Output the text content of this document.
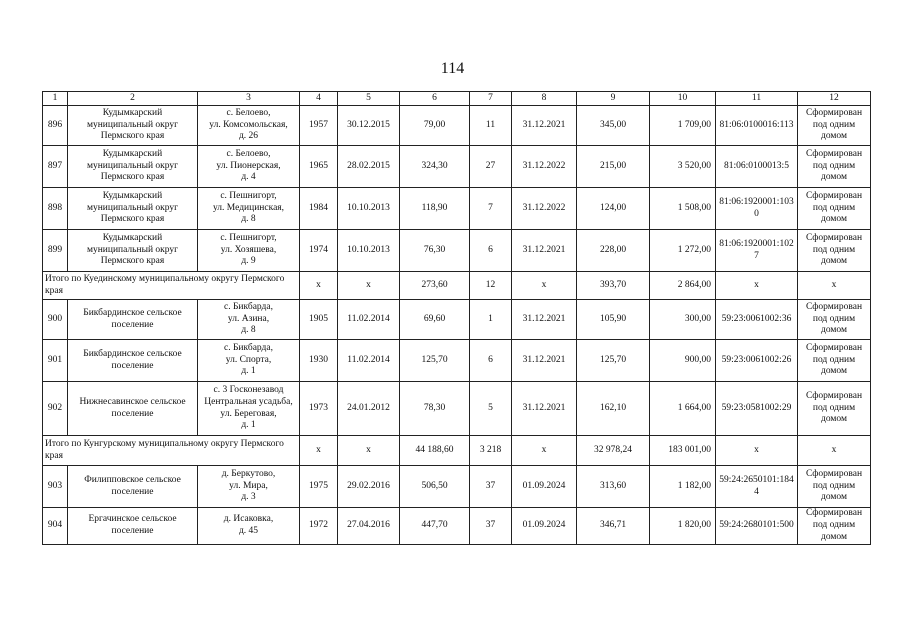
114
1	2	3	4	5	6	7	8	9	10	11	12
896	Кудымкарский
муниципальный округ
Пермского края	с. Белоево,
ул. Комсомольская,
д. 26	1957	30.12.2015	79,00	11	31.12.2021	345,00	1 709,00	81:06:0100016:113	Сформирован под одним домом
897	Кудымкарский
муниципальный округ
Пермского края	с. Белоево,
ул. Пионерская,
д. 4	1965	28.02.2015	324,30	27	31.12.2022	215,00	3 520,00	81:06:0100013:5	Сформирован под одним домом
898	Кудымкарский
муниципальный округ
Пермского края	с. Пешнигорт,
ул. Медицинская,
д. 8	1984	10.10.2013	118,90	7	31.12.2022	124,00	1 508,00	81:06:1920001:1030	Сформирован под одним домом
899	Кудымкарский
муниципальный округ
Пермского края	с. Пешнигорт,
ул. Хозяшева,
д. 9	1974	10.10.2013	76,30	6	31.12.2021	228,00	1 272,00	81:06:1920001:1027	Сформирован под одним домом
Итого по Куединскому муниципальному округу Пермского края			x	x	273,60	12	x	393,70	2 864,00	x	x
900	Бикбардинское сельское
поселение	с. Бикбарда,
ул. Азина,
д. 8	1905	11.02.2014	69,60	1	31.12.2021	105,90	300,00	59:23:0061002:36	Сформирован под одним домом
901	Бикбардинское сельское
поселение	с. Бикбарда,
ул. Спорта,
д. 1	1930	11.02.2014	125,70	6	31.12.2021	125,70	900,00	59:23:0061002:26	Сформирован под одним домом
902	Нижнесавинское сельское
поселение	с. 3 Госконезавод
Центральная усадьба,
ул. Береговая,
д. 1	1973	24.01.2012	78,30	5	31.12.2021	162,10	1 664,00	59:23:0581002:29	Сформирован под одним домом
Итого по Кунгурскому муниципальному округу Пермского края			x	x	44 188,60	3 218	x	32 978,24	183 001,00	x	x
903	Филипповское сельское
поселение	д. Беркутово,
ул. Мира,
д. 3	1975	29.02.2016	506,50	37	01.09.2024	313,60	1 182,00	59:24:2650101:1844	Сформирован под одним домом
904	Ергачинское сельское
поселение	д. Исаковка,
д. 45	1972	27.04.2016	447,70	37	01.09.2024	346,71	1 820,00	59:24:2680101:500	Сформирован под одним домом
